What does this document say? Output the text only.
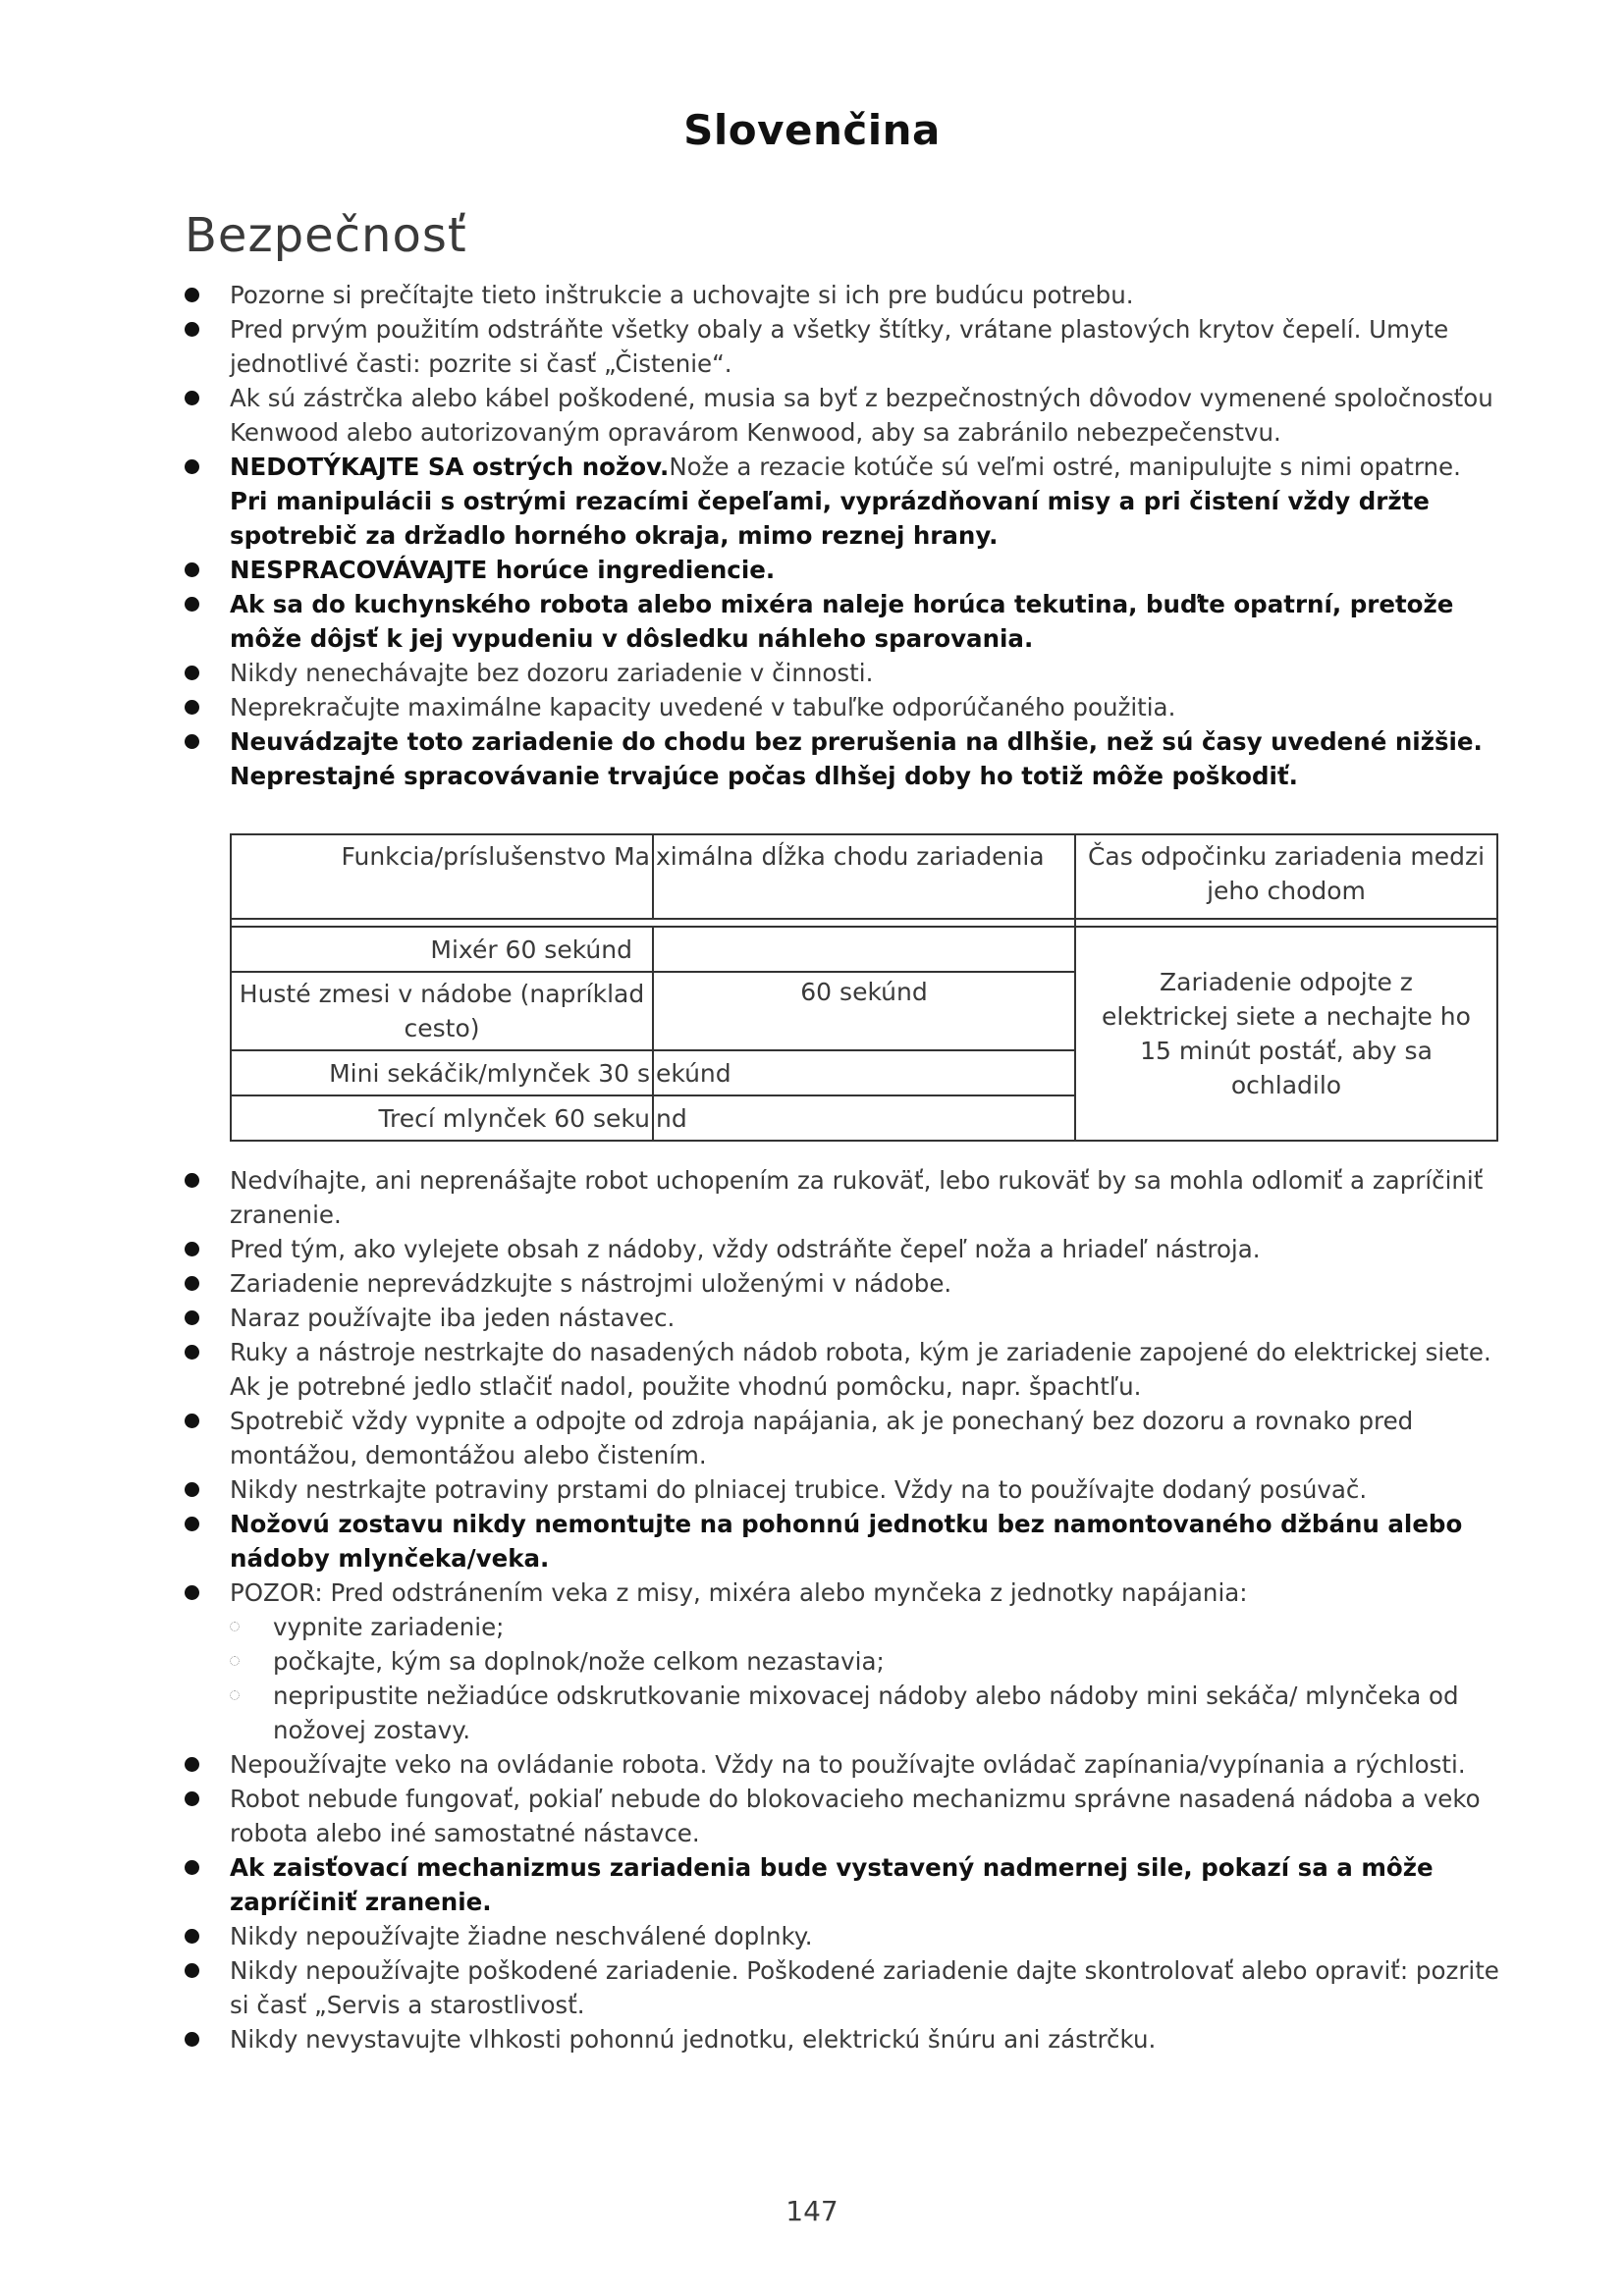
Slovenčina
Bezpečnosť
Pozorne si prečítajte tieto inštrukcie a uchovajte si ich pre budúcu potrebu.
Pred prvým použitím odstráňte všetky obaly a všetky štítky, vrátane plastových krytov čepelí. Umyte jednotlivé časti: pozrite si časť „Čistenie“.
Ak sú zástrčka alebo kábel poškodené, musia sa byť z bezpečnostných dôvodov vymenené spoločnosťou Kenwood alebo autorizovaným opravárom Kenwood, aby sa zabránilo nebezpečenstvu.
NEDOTÝKAJTE SA ostrých nožov.Nože a rezacie kotúče sú veľmi ostré, manipulujte s nimi opatrne. Pri manipulácii s ostrými rezacími čepeľami, vyprázdňovaní misy a pri čistení vždy držte spotrebič za držadlo horného okraja, mimo reznej hrany.
NESPRACOVÁVAJTE horúce ingrediencie.
Ak sa do kuchynského robota alebo mixéra naleje horúca tekutina, buďte opatrní, pretože môže dôjsť k jej vypudeniu v dôsledku náhleho sparovania.
Nikdy nenechávajte bez dozoru zariadenie v činnosti.
Neprekračujte maximálne kapacity uvedené v tabuľke odporúčaného použitia.
Neuvádzajte toto zariadenie do chodu bez prerušenia na dlhšie, než sú časy uvedené nižšie. Neprestajné spracovávanie trvajúce počas dlhšej doby ho totiž môže poškodiť.
Funkcia/príslušenstvo Ma	ximálna dĺžka chodu zariadenia	Čas odpočinku zariadenia medzi jeho chodom

Mixér 60 sekúnd		Zariadenie odpojte z elektrickej siete a nechajte ho 15 minút postáť, aby sa ochladilo
Husté zmesi v nádobe (napríklad cesto)	60 sekúnd	
Mini sekáčik/mlynček 30 s	ekúnd	
Trecí mlynček 60 seku	nd	
Nedvíhajte, ani neprenášajte robot uchopením za rukoväť, lebo rukoväť by sa mohla odlomiť a zapríčiniť zranenie.
Pred tým, ako vylejete obsah z nádoby, vždy odstráňte čepeľ noža a hriadeľ nástroja.
Zariadenie neprevádzkujte s nástrojmi uloženými v nádobe.
Naraz používajte iba jeden nástavec.
Ruky a nástroje nestrkajte do nasadených nádob robota, kým je zariadenie zapojené do elektrickej siete. Ak je potrebné jedlo stlačiť nadol, použite vhodnú pomôcku, napr. špachtľu.
Spotrebič vždy vypnite a odpojte od zdroja napájania, ak je ponechaný bez dozoru a rovnako pred montážou, demontážou alebo čistením.
Nikdy nestrkajte potraviny prstami do plniacej trubice. Vždy na to používajte dodaný posúvač.
Nožovú zostavu nikdy nemontujte na pohonnú jednotku bez namontovaného džbánu alebo nádoby mlynčeka/veka.
POZOR: Pred odstránením veka z misy, mixéra alebo mynčeka z jednotky napájania:
vypnite zariadenie;
počkajte, kým sa doplnok/nože celkom nezastavia;
nepripustite nežiadúce odskrutkovanie mixovacej nádoby alebo nádoby mini sekáča/ mlynčeka od nožovej zostavy.
Nepoužívajte veko na ovládanie robota. Vždy na to používajte ovládač zapínania/vypínania a rýchlosti.
Robot nebude fungovať, pokiaľ nebude do blokovacieho mechanizmu správne nasadená nádoba a veko robota alebo iné samostatné nástavce.
Ak zaisťovací mechanizmus zariadenia bude vystavený nadmernej sile, pokazí sa a môže zapríčiniť zranenie.
Nikdy nepoužívajte žiadne neschválené doplnky.
Nikdy nepoužívajte poškodené zariadenie. Poškodené zariadenie dajte skontrolovať alebo opraviť: pozrite si časť „Servis a starostlivosť.
Nikdy nevystavujte vlhkosti pohonnú jednotku, elektrickú šnúru ani zástrčku.
147
